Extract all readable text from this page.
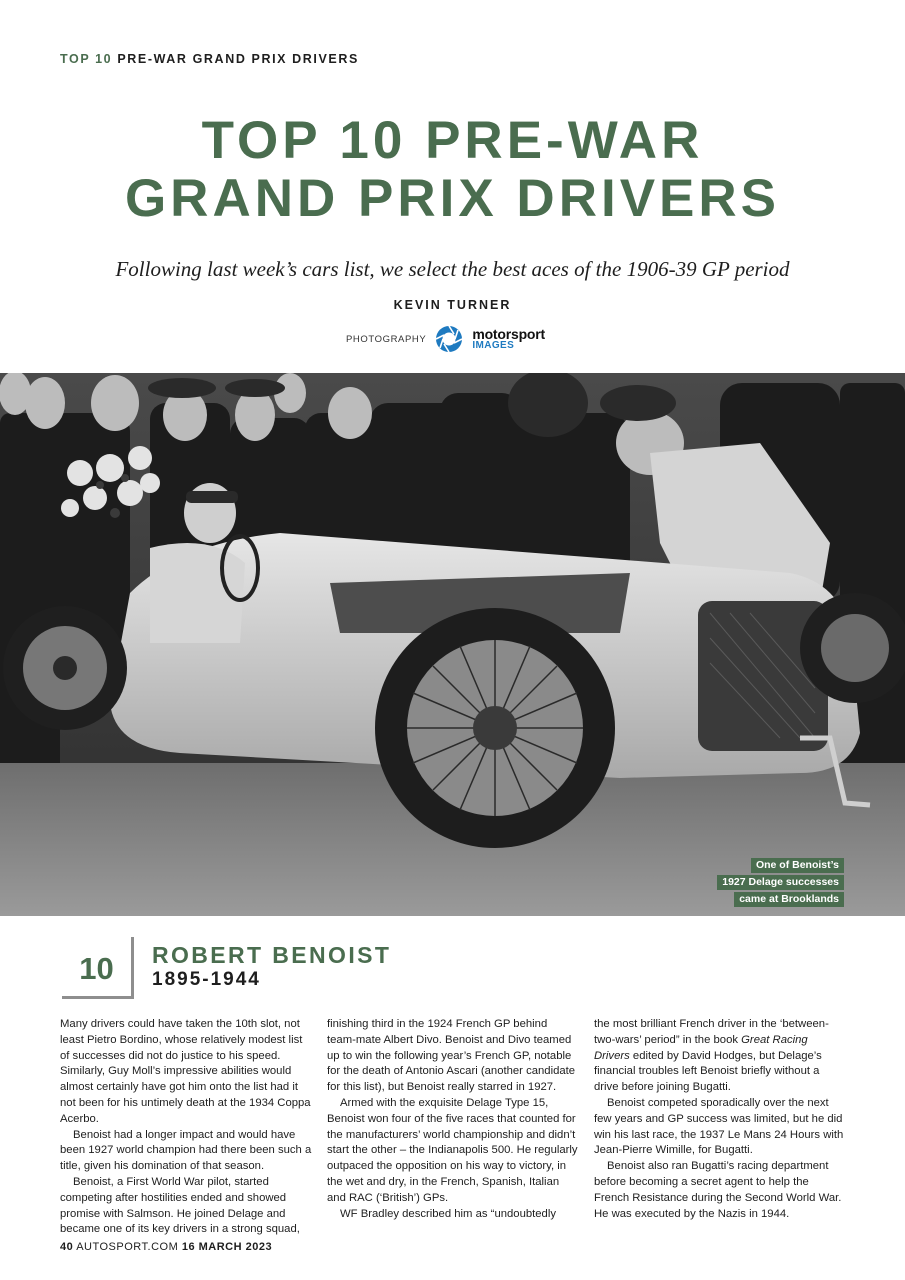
TOP 10 PRE-WAR GRAND PRIX DRIVERS
TOP 10 PRE-WAR
GRAND PRIX DRIVERS
Following last week’s cars list, we select the best aces of the 1906-39 GP period
KEVIN TURNER
PHOTOGRAPHY	motorsport
IMAGES
One of Benoist’s
1927 Delage successes
came at Brooklands
10	ROBERT BENOIST
1895-1944

Many drivers could have taken the 10th slot, not least Pietro Bordino, whose relatively modest list of successes did not do justice to his speed. Similarly, Guy Moll’s impressive abilities would almost certainly have got him onto the list had it not been for his untimely death at the 1934 Coppa Acerbo.

Benoist had a longer impact and would have been 1927 world champion had there been such a title, given his domination of that season.

Benoist, a First World War pilot, started competing after hostilities ended and showed promise with Salmson. He joined Delage and became one of its key drivers in a strong squad,

finishing third in the 1924 French GP behind team-mate Albert Divo. Benoist and Divo teamed up to win the following year’s French GP, notable for the death of Antonio Ascari (another candidate for this list), but Benoist really starred in 1927.

Armed with the exquisite Delage Type 15, Benoist won four of the five races that counted for the manufacturers’ world championship and didn’t start the other – the Indianapolis 500. He regularly outpaced the opposition on his way to victory, in the wet and dry, in the French, Spanish, Italian and RAC (‘British’) GPs.

WF Bradley described him as “undoubtedly

the most brilliant French driver in the ‘between-two-wars’ period” in the book Great Racing Drivers edited by David Hodges, but Delage’s financial troubles left Benoist briefly without a drive before joining Bugatti.

Benoist competed sporadically over the next few years and GP success was limited, but he did win his last race, the 1937 Le Mans 24 Hours with Jean-Pierre Wimille, for Bugatti.

Benoist also ran Bugatti’s racing department before becoming a secret agent to help the French Resistance during the Second World War. He was executed by the Nazis in 1944.

40 AUTOSPORT.COM 16 MARCH 2023
